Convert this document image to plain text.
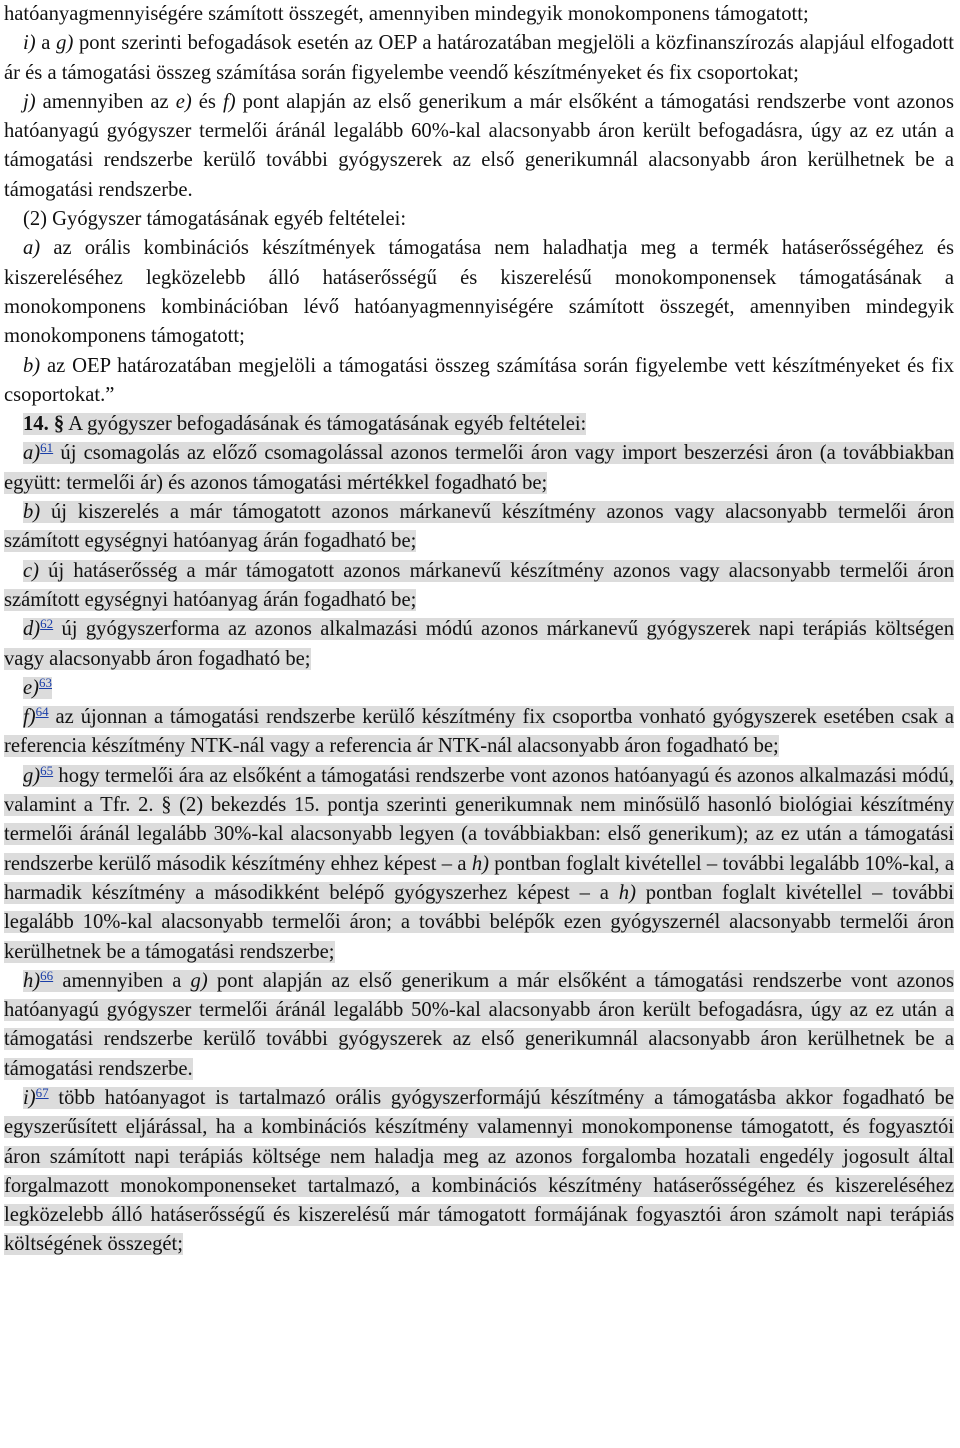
hatóanyagmennyiségére számított összegét, amennyiben mindegyik monokomponens támogatott;

i) a g) pont szerinti befogadások esetén az OEP a határozatában megjelöli a közfinanszírozás alapjául elfogadott ár és a támogatási összeg számítása során figyelembe veendő készítményeket és fix csoportokat;

j) amennyiben az e) és f) pont alapján az első generikum a már elsőként a támogatási rendszerbe vont azonos hatóanyagú gyógyszer termelői áránál legalább 60%-kal alacsonyabb áron került befogadásra, úgy az ez után a támogatási rendszerbe kerülő további gyógyszerek az első generikumnál alacsonyabb áron kerülhetnek be a támogatási rendszerbe.

(2) Gyógyszer támogatásának egyéb feltételei:

a) az orális kombinációs készítmények támogatása nem haladhatja meg a termék hatáserősségéhez és kiszereléséhez legközelebb álló hatáserősségű és kiszerelésű monokomponensek támogatásának a monokomponens kombinációban lévő hatóanyagmennyiségére számított összegét, amennyiben mindegyik monokomponens támogatott;

b) az OEP határozatában megjelöli a támogatási összeg számítása során figyelembe vett készítményeket és fix csoportokat.”

14. § A gyógyszer befogadásának és támogatásának egyéb feltételei:

a)$^{61}$ új csomagolás az előző csomagolással azonos termelői áron vagy import beszerzési áron (a továbbiakban együtt: termelői ár) és azonos támogatási mértékkel fogadható be;

b) új kiszerelés a már támogatott azonos márkanevű készítmény azonos vagy alacsonyabb termelői áron számított egységnyi hatóanyag árán fogadható be;

c) új hatáserősség a már támogatott azonos márkanevű készítmény azonos vagy alacsonyabb termelői áron számított egységnyi hatóanyag árán fogadható be;

d)$^{62}$ új gyógyszerforma az azonos alkalmazási módú azonos márkanevű gyógyszerek napi terápiás költségen vagy alacsonyabb áron fogadható be;

e)$^{63}$

f)$^{64}$ az újonnan a támogatási rendszerbe kerülő készítmény fix csoportba vonható gyógyszerek esetében csak a referencia készítmény NTK-nál vagy a referencia ár NTK-nál alacsonyabb áron fogadható be;

g)$^{65}$ hogy termelői ára az elsőként a támogatási rendszerbe vont azonos hatóanyagú és azonos alkalmazási módú, valamint a Tfr. 2. § (2) bekezdés 15. pontja szerinti generikumnak nem minősülő hasonló biológiai készítmény termelői áránál legalább 30%-kal alacsonyabb legyen (a továbbiakban: első generikum); az ez után a támogatási rendszerbe kerülő második készítmény ehhez képest – a h) pontban foglalt kivétellel – további legalább 10%-kal, a harmadik készítmény a másodikként belépő gyógyszerhez képest – a h) pontban foglalt kivétellel – további legalább 10%-kal alacsonyabb termelői áron; a további belépők ezen gyógyszernél alacsonyabb termelői áron kerülhetnek be a támogatási rendszerbe;

h)$^{66}$ amennyiben a g) pont alapján az első generikum a már elsőként a támogatási rendszerbe vont azonos hatóanyagú gyógyszer termelői áránál legalább 50%-kal alacsonyabb áron került befogadásra, úgy az ez után a támogatási rendszerbe kerülő további gyógyszerek az első generikumnál alacsonyabb áron kerülhetnek be a támogatási rendszerbe.

i)$^{67}$ több hatóanyagot is tartalmazó orális gyógyszerformájú készítmény a támogatásba akkor fogadható be egyszerűsített eljárással, ha a kombinációs készítmény valamennyi monokomponense támogatott, és fogyasztói áron számított napi terápiás költsége nem haladja meg az azonos forgalomba hozatali engedély jogosult által forgalmazott monokomponenseket tartalmazó, a kombinációs készítmény hatáserősségéhez és kiszereléséhez legközelebb álló hatáserősségű és kiszerelésű már támogatott formájának fogyasztói áron számolt napi terápiás költségének összegét;
